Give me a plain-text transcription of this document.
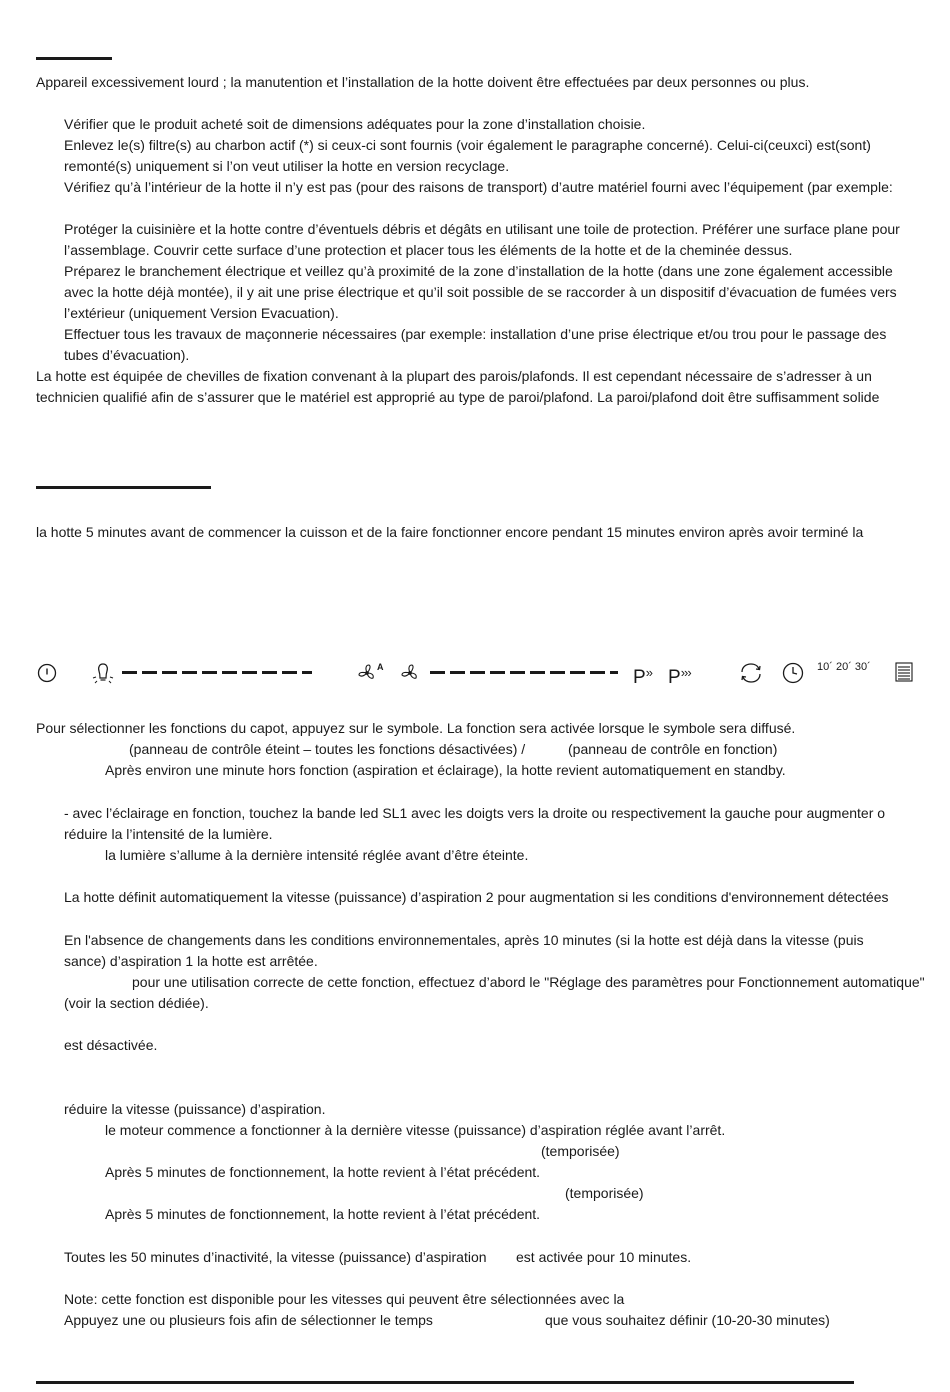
Appareil excessivement lourd ; la manutention et l’installation de la hotte doivent être effectuées par deux personnes ou plus.
Vérifier que le produit acheté soit de dimensions adéquates pour la zone d’installation choisie.
Enlevez le(s) filtre(s) au charbon actif (*) si ceux-ci sont fournis (voir également le paragraphe concerné). Celui-ci(ceuxci) est(sont)
remonté(s) uniquement si l’on veut utiliser la hotte en version recyclage.
Vérifiez qu’à l’intérieur de la hotte il n’y est pas (pour des raisons de transport) d’autre matériel fourni avec l’équipement (par exemple:
Protéger la cuisinière et la hotte contre d’éventuels débris et dégâts en utilisant une toile de protection. Préférer une surface plane pour
l’assemblage. Couvrir cette surface d’une protection et placer tous les éléments de la hotte et de la cheminée dessus.
Préparez le branchement électrique et veillez qu’à proximité de la zone d’installation de la hotte (dans une zone également accessible
avec la hotte déjà montée), il y ait une prise électrique et qu’il soit possible de se raccorder à un dispositif d’évacuation de fumées vers
l’extérieur (uniquement Version Evacuation).
Effectuer tous les travaux de maçonnerie nécessaires (par exemple: installation d’une prise électrique et/ou trou pour le passage des
tubes d’évacuation).
La hotte est équipée de chevilles de fixation convenant à la plupart des parois/plafonds. Il est cependant nécessaire de s’adresser à un
technicien qualifié afin de s’assurer que le matériel est approprié au type de paroi/plafond. La paroi/plafond doit être suffisamment solide
la hotte 5 minutes avant de commencer la cuisson et de la faire fonctionner encore pendant 15 minutes environ après avoir terminé la
A	P» P›››	10´ 20´ 30´
Pour sélectionner les fonctions du capot, appuyez sur le symbole. La fonction sera activée lorsque le symbole sera diffusé.
(panneau de contrôle éteint – toutes les fonctions désactivées) /	(panneau de contrôle en fonction)
Après environ une minute hors fonction (aspiration et éclairage), la hotte revient automatiquement en standby.
- avec l’éclairage en fonction, touchez la bande led SL1 avec les doigts vers la droite ou respectivement la gauche pour augmenter o
réduire la l’intensité de la lumière.
la lumière s’allume à la dernière intensité réglée avant d’être éteinte.
La hotte définit automatiquement la vitesse (puissance) d’aspiration 2 pour augmentation si les conditions d'environnement détectées
En l'absence de changements dans les conditions environnementales, après 10 minutes (si la hotte est déjà dans la vitesse (puis
sance) d’aspiration 1 la hotte est arrêtée.
pour une utilisation correcte de cette fonction, effectuez d’abord le "Réglage des paramètres pour Fonctionnement automatique"
(voir la section dédiée).
est désactivée.
réduire la vitesse (puissance) d’aspiration.
le moteur commence a fonctionner à la dernière vitesse (puissance) d’aspiration réglée avant l’arrêt.
(temporisée)
Après 5 minutes de fonctionnement, la hotte revient à l’état précédent.
(temporisée)
Après 5 minutes de fonctionnement, la hotte revient à l’état précédent.
Toutes les 50 minutes d’inactivité, la vitesse (puissance) d’aspiration est activée pour 10 minutes.
Note: cette fonction est disponible pour les vitesses qui peuvent être sélectionnées avec la
Appuyez une ou plusieurs fois afin de sélectionner le temps	que vous souhaitez définir (10-20-30 minutes)
